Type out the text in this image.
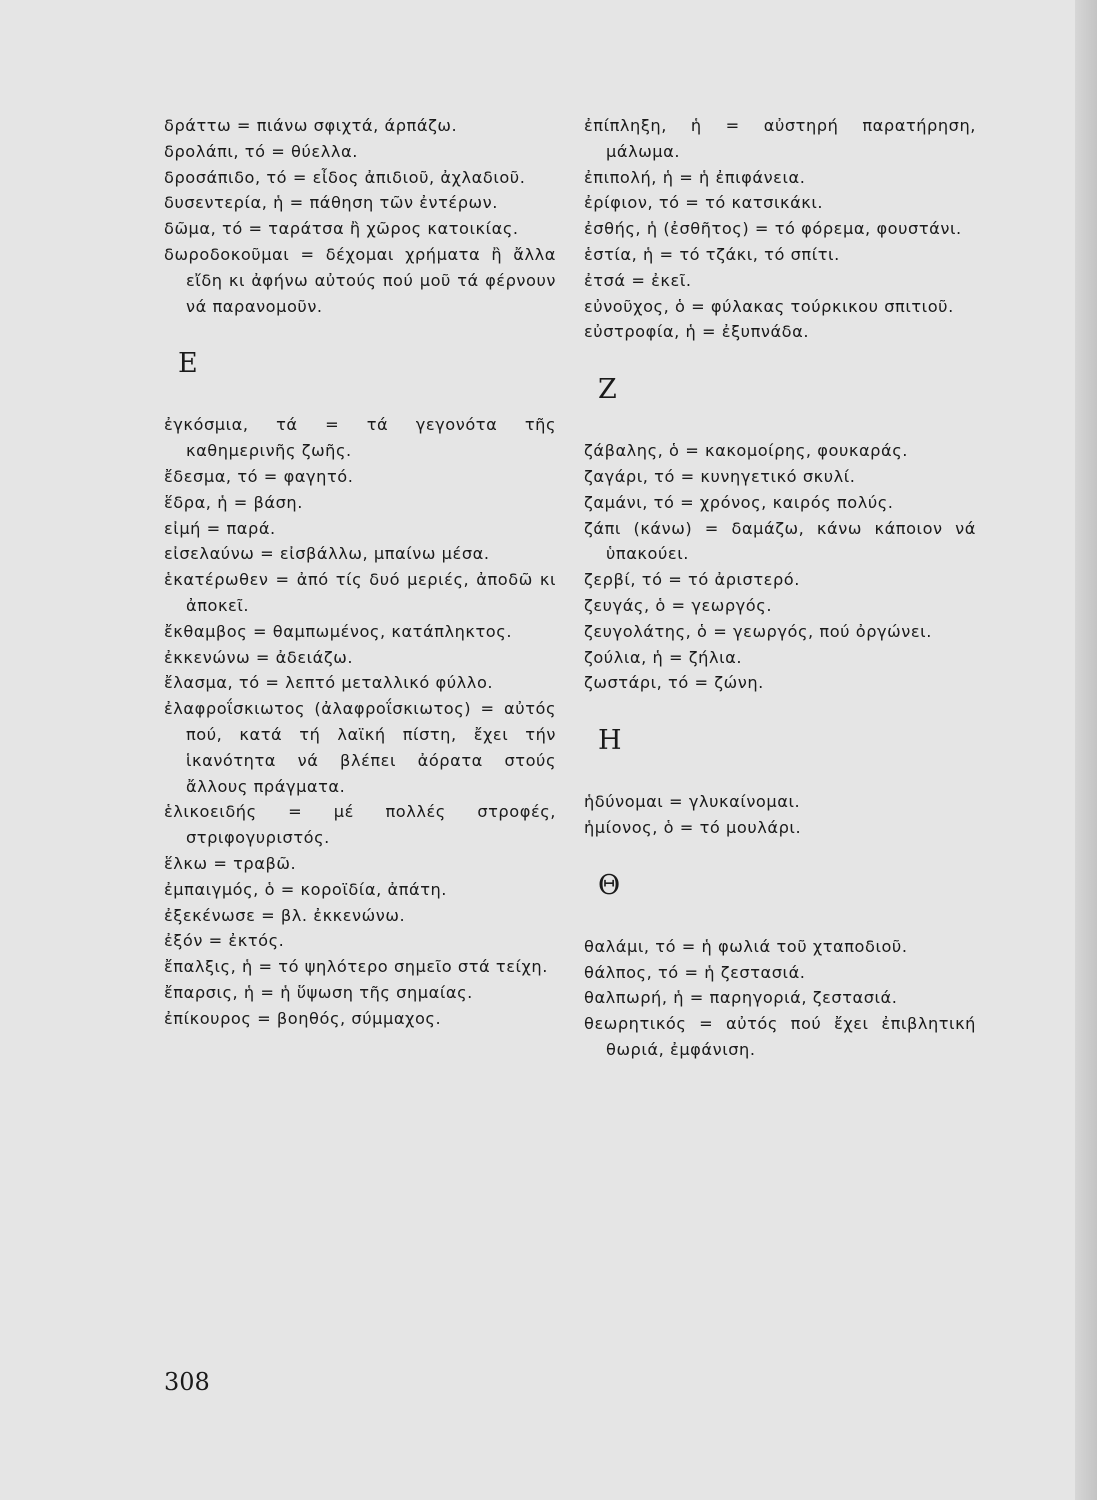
δράττω = πιάνω σφιχτά, άρπάζω.
δρολάπι, τό = θύελλα.
δροσάπιδο, τό = εἶδος ἀπιδιοῦ, ἀχλαδιοῦ.
δυσεντερία, ἡ = πάθηση τῶν ἐντέρων.
δῶμα, τό = ταράτσα ἢ χῶρος κατοικίας.
δωροδοκοῦμαι = δέχομαι χρήματα ἢ ἄλλα εἴδη κι ἀφήνω αὐτούς πού μοῦ τά φέρνουν νά παρανομοῦν.
Ε
ἐγκόσμια, τά = τά γεγονότα τῆς καθημερινῆς ζωῆς.
ἔδεσμα, τό = φαγητό.
ἕδρα, ἡ = βάση.
εἰμή = παρά.
εἰσελαύνω = εἰσβάλλω, μπαίνω μέσα.
ἑκατέρωθεν = ἀπό τίς δυό μεριές, ἀποδῶ κι ἀποκεῖ.
ἔκθαμβος = θαμπωμένος, κατάπληκτος.
ἐκκενώνω = ἀδειάζω.
ἔλασμα, τό = λεπτό μεταλλικό φύλλο.
ἐλαφροΐσκιωτος (ἀλαφροΐσκιωτος) = αὐτός πού, κατά τή λαϊκή πίστη, ἔχει τήν ἱκανότητα νά βλέπει ἀόρατα στούς ἄλλους πράγματα.
ἑλικοειδής = μέ πολλές στροφές, στριφογυριστός.
ἕλκω = τραβῶ.
ἐμπαιγμός, ὁ = κοροϊδία, ἀπάτη.
ἐξεκένωσε = βλ. ἐκκενώνω.
ἐξόν = ἐκτός.
ἔπαλξις, ἡ = τό ψηλότερο σημεῖο στά τείχη.
ἔπαρσις, ἡ = ἡ ὕψωση τῆς σημαίας.
ἐπίκουρος = βοηθός, σύμμαχος.
ἐπίπληξη, ἡ = αὐστηρή παρατήρηση, μάλωμα.
ἐπιπολή, ἡ = ἡ ἐπιφάνεια.
ἐρίφιον, τό = τό κατσικάκι.
ἐσθής, ἡ (ἐσθῆτος) = τό φόρεμα, φουστάνι.
ἑστία, ἡ = τό τζάκι, τό σπίτι.
ἐτσά = ἐκεῖ.
εὐνοῦχος, ὁ = φύλακας τούρκικου σπιτιοῦ.
εὐστροφία, ἡ = ἐξυπνάδα.
Ζ
ζάβαλης, ὁ = κακομοίρης, φουκαράς.
ζαγάρι, τό = κυνηγετικό σκυλί.
ζαμάνι, τό = χρόνος, καιρός πολύς.
ζάπι (κάνω) = δαμάζω, κάνω κάποιον νά ὑπακούει.
ζερβί, τό = τό ἀριστερό.
ζευγάς, ὁ = γεωργός.
ζευγολάτης, ὁ = γεωργός, πού ὀργώνει.
ζούλια, ἡ = ζήλια.
ζωστάρι, τό = ζώνη.
Η
ἡδύνομαι = γλυκαίνομαι.
ἡμίονος, ὁ = τό μουλάρι.
Θ
θαλάμι, τό = ἡ φωλιά τοῦ χταποδιοῦ.
θάλπος, τό = ἡ ζεστασιά.
θαλπωρή, ἡ = παρηγοριά, ζεστασιά.
θεωρητικός = αὐτός πού ἔχει ἐπιβλητική θωριά, ἐμφάνιση.
308
